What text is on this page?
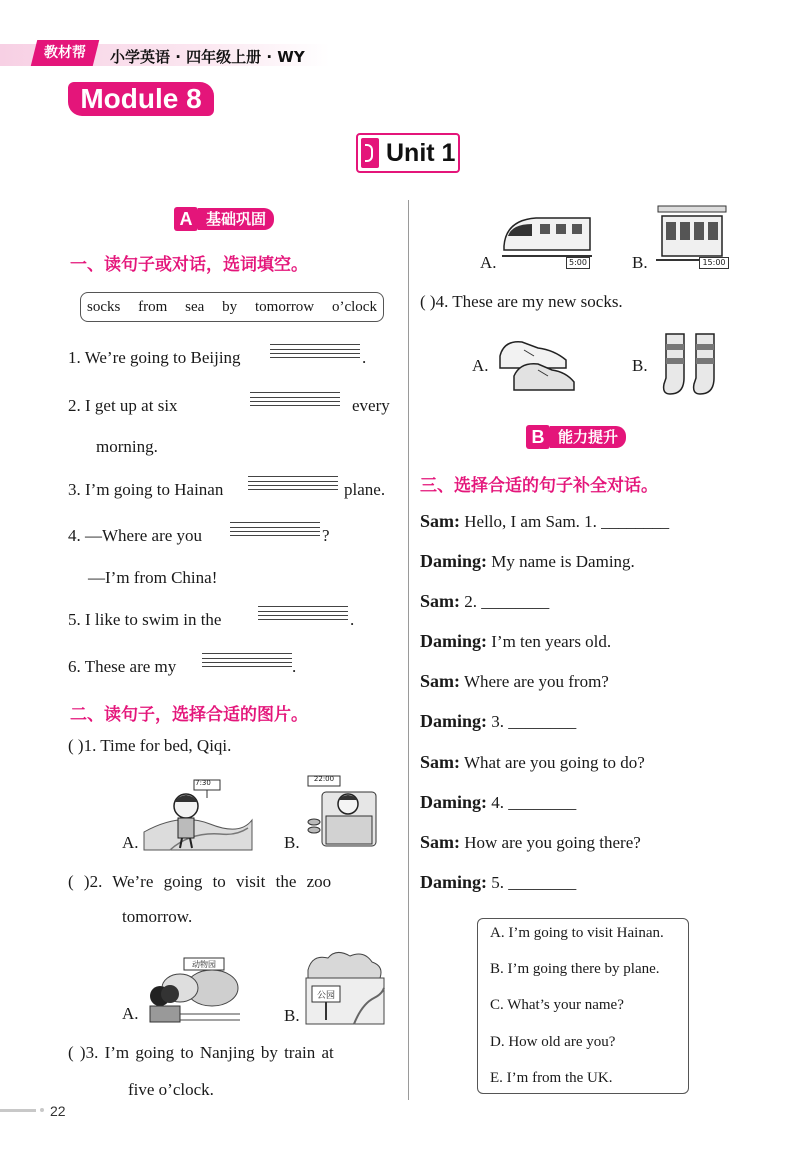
教材帮	小学英语 · 四年级上册 · WY
Module 8
Unit 1
A 基础巩固
一、读句子或对话，选词填空。
socks from sea by tomorrow o’clock
1. We’re going to Beijing	.
2. I get up at six	every
morning.
3. I’m going to Hainan	plane.
4. —Where are you	?
—I’m from China!
5. I like to swim in the	.
6. These are my	.
二、读句子，选择合适的图片。
( )1. Time for bed, Qiqi.
A.
7:30
B.
22:00
( )2. We’re going to visit the zoo
tomorrow.
A.
动物园
B.
公园
( )3. I’m going to Nanjing by train at
five o’clock.
A.	5:00	B.	15:00
( )4. These are my new socks.
A.	B.
B 能力提升
三、选择合适的句子补全对话。
Sam: Hello, I am Sam. 1. ________
Daming: My name is Daming.
Sam: 2. ________
Daming: I’m ten years old.
Sam: Where are you from?
Daming: 3. ________
Sam: What are you going to do?
Daming: 4. ________
Sam: How are you going there?
Daming: 5. ________
A. I’m going to visit Hainan.
B. I’m going there by plane.
C. What’s your name?
D. How old are you?
E. I’m from the UK.
22
